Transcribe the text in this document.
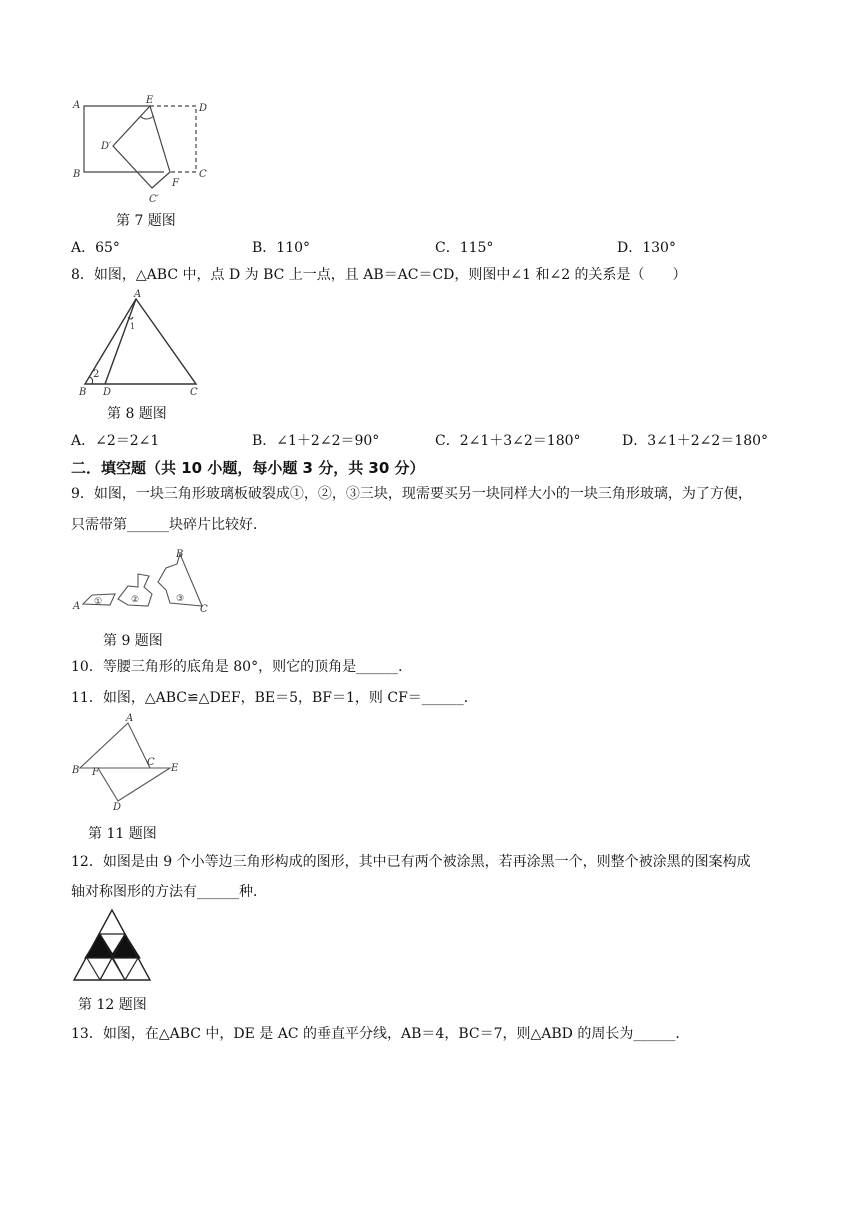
A	E
D
D′
B
F
C
C′
第 7 题图
A．65°	B．110°	C．115°	D．130°
8．如图，△ABC 中，点 D 为 BC 上一点，且 AB＝AC＝CD，则图中∠1 和∠2 的关系是（　　）
A
1
2
B D	C
第 8 题图
A．∠2＝2∠1	B．∠1＋2∠2＝90°	C．2∠1＋3∠2＝180°	D．3∠1＋2∠2＝180°
二．填空题（共 10 小题，每小题 3 分，共 30 分）
9．如图，一块三角形玻璃板破裂成①，②，③三块，现需要买另一块同样大小的一块三角形玻璃，为了方便，
只需带第______块碎片比较好．
A ①	②	③
B
C
第 9 题图
10．等腰三角形的底角是 80°，则它的顶角是______．
11．如图，△ABC≌△DEF，BE＝5，BF＝1，则 CF＝______．
A
B F
C
E
D
第 11 题图
12．如图是由 9 个小等边三角形构成的图形，其中已有两个被涂黑，若再涂黑一个，则整个被涂黑的图案构成
轴对称图形的方法有______种．
第 12 题图
13．如图，在△ABC 中，DE 是 AC 的垂直平分线，AB＝4，BC＝7，则△ABD 的周长为______．
